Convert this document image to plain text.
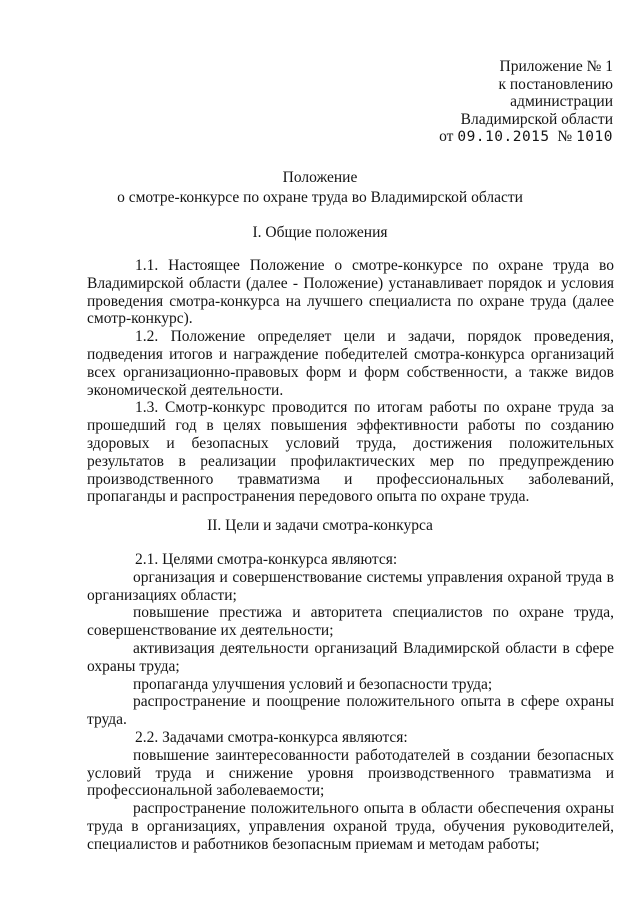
Приложение № 1
к постановлению
администрации
Владимирской области
от 09.10.2015 № 1010
Положение
о смотре-конкурсе по охране труда во Владимирской области
I. Общие положения

1.1. Настоящее Положение о смотре-конкурсе по охране труда во Владимирской области (далее - Положение) устанавливает порядок и условия проведения смотра-конкурса на лучшего специалиста по охране труда (далее смотр-конкурс).

1.2. Положение определяет цели и задачи, порядок проведения, подведения итогов и награждение победителей смотра-конкурса организаций всех организационно-правовых форм и форм собственности, а также видов экономической деятельности.

1.3. Смотр-конкурс проводится по итогам работы по охране труда за прошедший год в целях повышения эффективности работы по созданию здоровых и безопасных условий труда, достижения положительных результатов в реализации профилактических мер по предупреждению производственного травматизма и профессиональных заболеваний, пропаганды и распространения передового опыта по охране труда.

II. Цели и задачи смотра-конкурса

2.1. Целями смотра-конкурса являются:

организация и совершенствование системы управления охраной труда в организациях области;

повышение престижа и авторитета специалистов по охране труда, совершенствование их деятельности;

активизация деятельности организаций Владимирской области в сфере охраны труда;

пропаганда улучшения условий и безопасности труда;

распространение и поощрение положительного опыта в сфере охраны труда.

2.2. Задачами смотра-конкурса являются:

повышение заинтересованности работодателей в создании безопасных условий труда и снижение уровня производственного травматизма и профессиональной заболеваемости;

распространение положительного опыта в области обеспечения охраны труда в организациях, управления охраной труда, обучения руководителей, специалистов и работников безопасным приемам и методам работы;
